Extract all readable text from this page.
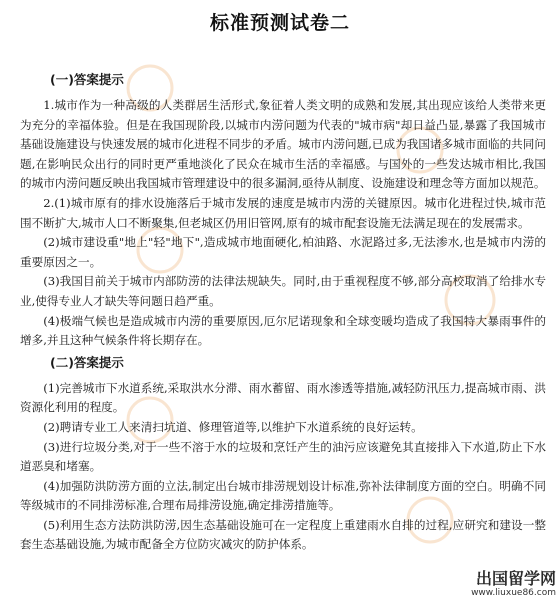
标准预测试卷二
(一)答案提示

1.城市作为一种高级的人类群居生活形式,象征着人类文明的成熟和发展,其出现应该给人类带来更为充分的幸福体验。但是在我国现阶段,以城市内涝问题为代表的"城市病"却日益凸显,暴露了我国城市基础设施建设与快速发展的城市化进程不同步的矛盾。城市内涝问题,已成为我国诸多城市面临的共同问题,在影响民众出行的同时更严重地淡化了民众在城市生活的幸福感。与国外的一些发达城市相比,我国的城市内涝问题反映出我国城市管理建设中的很多漏洞,亟待从制度、设施建设和理念等方面加以规范。

2.(1)城市原有的排水设施落后于城市发展的速度是城市内涝的关键原因。城市化进程过快,城市范围不断扩大,城市人口不断聚集,但老城区仍用旧管网,原有的城市配套设施无法满足现在的发展需求。

(2)城市建设重"地上"轻"地下",造成城市地面硬化,柏油路、水泥路过多,无法渗水,也是城市内涝的重要原因之一。

(3)我国目前关于城市内部防涝的法律法规缺失。同时,由于重视程度不够,部分高校取消了给排水专业,使得专业人才缺失等问题日趋严重。

(4)极端气候也是造成城市内涝的重要原因,厄尔尼诺现象和全球变暖均造成了我国特大暴雨事件的增多,并且这种气候条件将长期存在。

(二)答案提示

(1)完善城市下水道系统,采取洪水分滞、雨水蓄留、雨水渗透等措施,减轻防汛压力,提高城市雨、洪资源化利用的程度。

(2)聘请专业工人来清扫坑道、修理管道等,以维护下水道系统的良好运转。

(3)进行垃圾分类,对于一些不溶于水的垃圾和烹饪产生的油污应该避免其直接排入下水道,防止下水道恶臭和堵塞。

(4)加强防洪防涝方面的立法,制定出台城市排涝规划设计标准,弥补法律制度方面的空白。明确不同等级城市的不同排涝标准,合理布局排涝设施,确定排涝措施等。

(5)利用生态方法防洪防涝,因生态基础设施可在一定程度上重建雨水自排的过程,应研究和建设一整套生态基础设施,为城市配备全方位防灾减灾的防护体系。

出国留学网
www.liuxue86.com
